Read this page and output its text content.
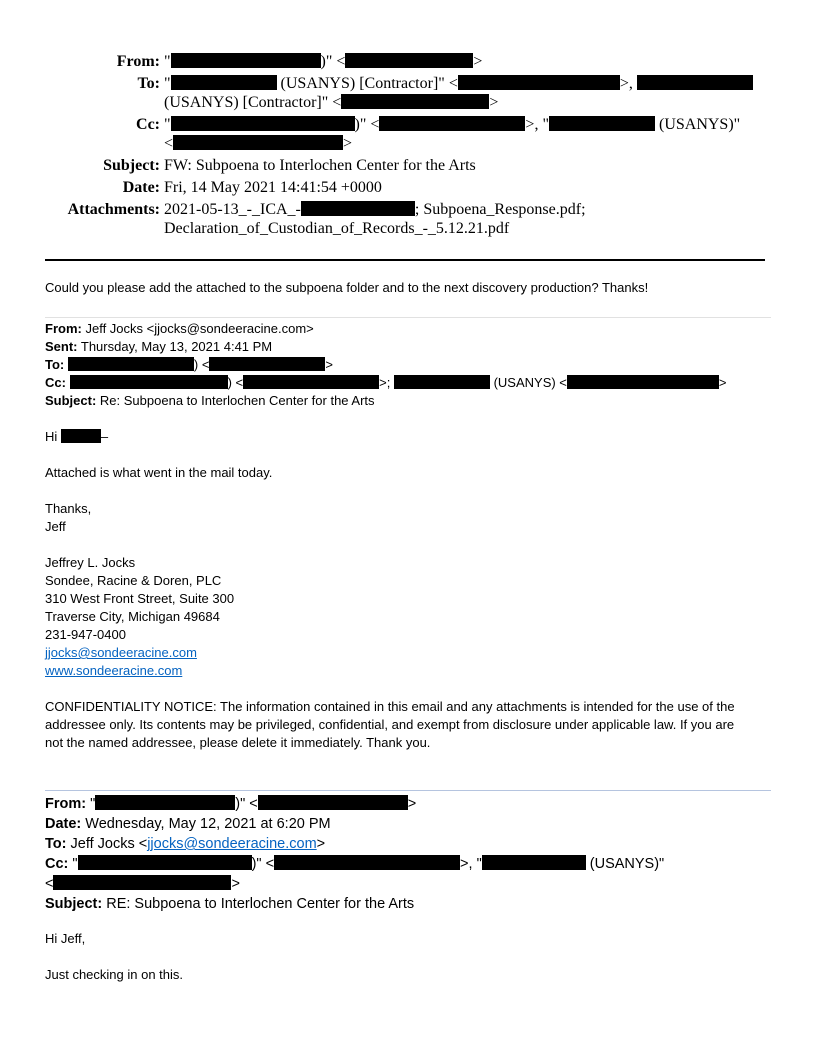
From: "	)" <	>
To: "	(USANYS) [Contractor]" <	>,
(USANYS) [Contractor]" <	>
Cc: "	)" <	>, "	(USANYS)"
<	>
Subject: FW: Subpoena to Interlochen Center for the Arts
Date: Fri, 14 May 2021 14:41:54 +0000
Attachments: 2021-05-13_-_ICA_-	; Subpoena_Response.pdf;
Declaration_of_Custodian_of_Records_-_5.12.21.pdf
Could you please add the attached to the subpoena folder and to the next discovery production? Thanks!
From: Jeff Jocks <jjocks@sondeeracine.com>
Sent: Thursday, May 13, 2021 4:41 PM
To:	) <	>
Cc:	) <	>;	(USANYS) <	>
Subject: Re: Subpoena to Interlochen Center for the Arts
Hi	–
Attached is what went in the mail today.
Thanks,
Jeff
Jeffrey L. Jocks
Sondee, Racine & Doren, PLC
310 West Front Street, Suite 300
Traverse City, Michigan 49684
231-947-0400
jjocks@sondeeracine.com
www.sondeeracine.com
CONFIDENTIALITY NOTICE: The information contained in this email and any attachments is intended for the use of the
addressee only. Its contents may be privileged, confidential, and exempt from disclosure under applicable law. If you are
not the named addressee, please delete it immediately. Thank you.
From: "	)" <	>
Date: Wednesday, May 12, 2021 at 6:20 PM
To: Jeff Jocks <jjocks@sondeeracine.com>
Cc: "	)" <	>, "	(USANYS)"
<	>
Subject: RE: Subpoena to Interlochen Center for the Arts
Hi Jeff,
Just checking in on this.
